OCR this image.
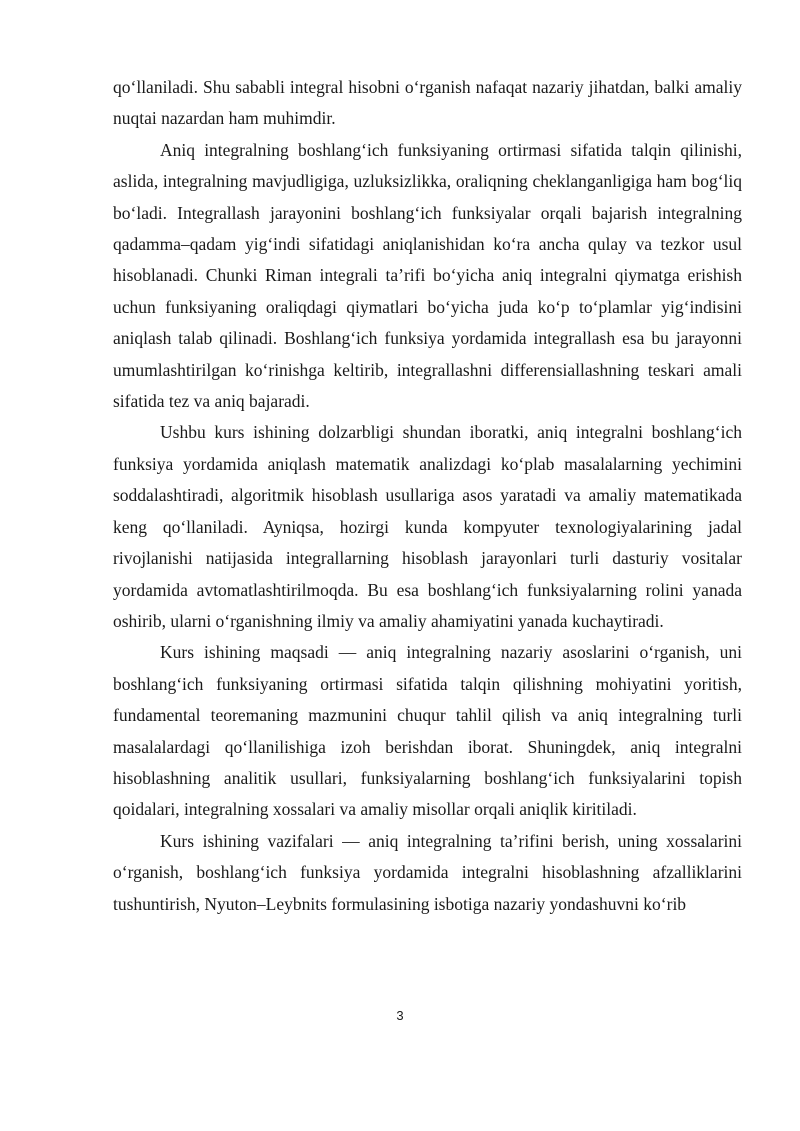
qo‘llaniladi. Shu sababli integral hisobni o‘rganish nafaqat nazariy jihatdan, balki amaliy nuqtai nazardan ham muhimdir.

Aniq integralning boshlang‘ich funksiyaning ortirmasi sifatida talqin qilinishi, aslida, integralning mavjudligiga, uzluksizlikka, oraliqning cheklanganligiga ham bog‘liq bo‘ladi. Integrallash jarayonini boshlang‘ich funksiyalar orqali bajarish integralning qadamma–qadam yig‘indi sifatidagi aniqlanishidan ko‘ra ancha qulay va tezkor usul hisoblanadi. Chunki Riman integrali ta’rifi bo‘yicha aniq integralni qiymatga erishish uchun funksiyaning oraliqdagi qiymatlari bo‘yicha juda ko‘p to‘plamlar yig‘indisini aniqlash talab qilinadi. Boshlang‘ich funksiya yordamida integrallash esa bu jarayonni umumlashtirilgan ko‘rinishga keltirib, integrallashni differensiallashning teskari amali sifatida tez va aniq bajaradi.

Ushbu kurs ishining dolzarbligi shundan iboratki, aniq integralni boshlang‘ich funksiya yordamida aniqlash matematik analizdagi ko‘plab masalalarning yechimini soddalashtiradi, algoritmik hisoblash usullariga asos yaratadi va amaliy matematikada keng qo‘llaniladi. Ayniqsa, hozirgi kunda kompyuter texnologiyalarining jadal rivojlanishi natijasida integrallarning hisoblash jarayonlari turli dasturiy vositalar yordamida avtomatlashtirilmoqda. Bu esa boshlang‘ich funksiyalarning rolini yanada oshirib, ularni o‘rganishning ilmiy va amaliy ahamiyatini yanada kuchaytiradi.

Kurs ishining maqsadi — aniq integralning nazariy asoslarini o‘rganish, uni boshlang‘ich funksiyaning ortirmasi sifatida talqin qilishning mohiyatini yoritish, fundamental teoremaning mazmunini chuqur tahlil qilish va aniq integralning turli masalalardagi qo‘llanilishiga izoh berishdan iborat. Shuningdek, aniq integralni hisoblashning analitik usullari, funksiyalarning boshlang‘ich funksiyalarini topish qoidalari, integralning xossalari va amaliy misollar orqali aniqlik kiritiladi.

Kurs ishining vazifalari — aniq integralning ta’rifini berish, uning xossalarini o‘rganish, boshlang‘ich funksiya yordamida integralni hisoblashning afzalliklarini tushuntirish, Nyuton–Leybnits formulasining isbotiga nazariy yondashuvni ko‘rib

3
